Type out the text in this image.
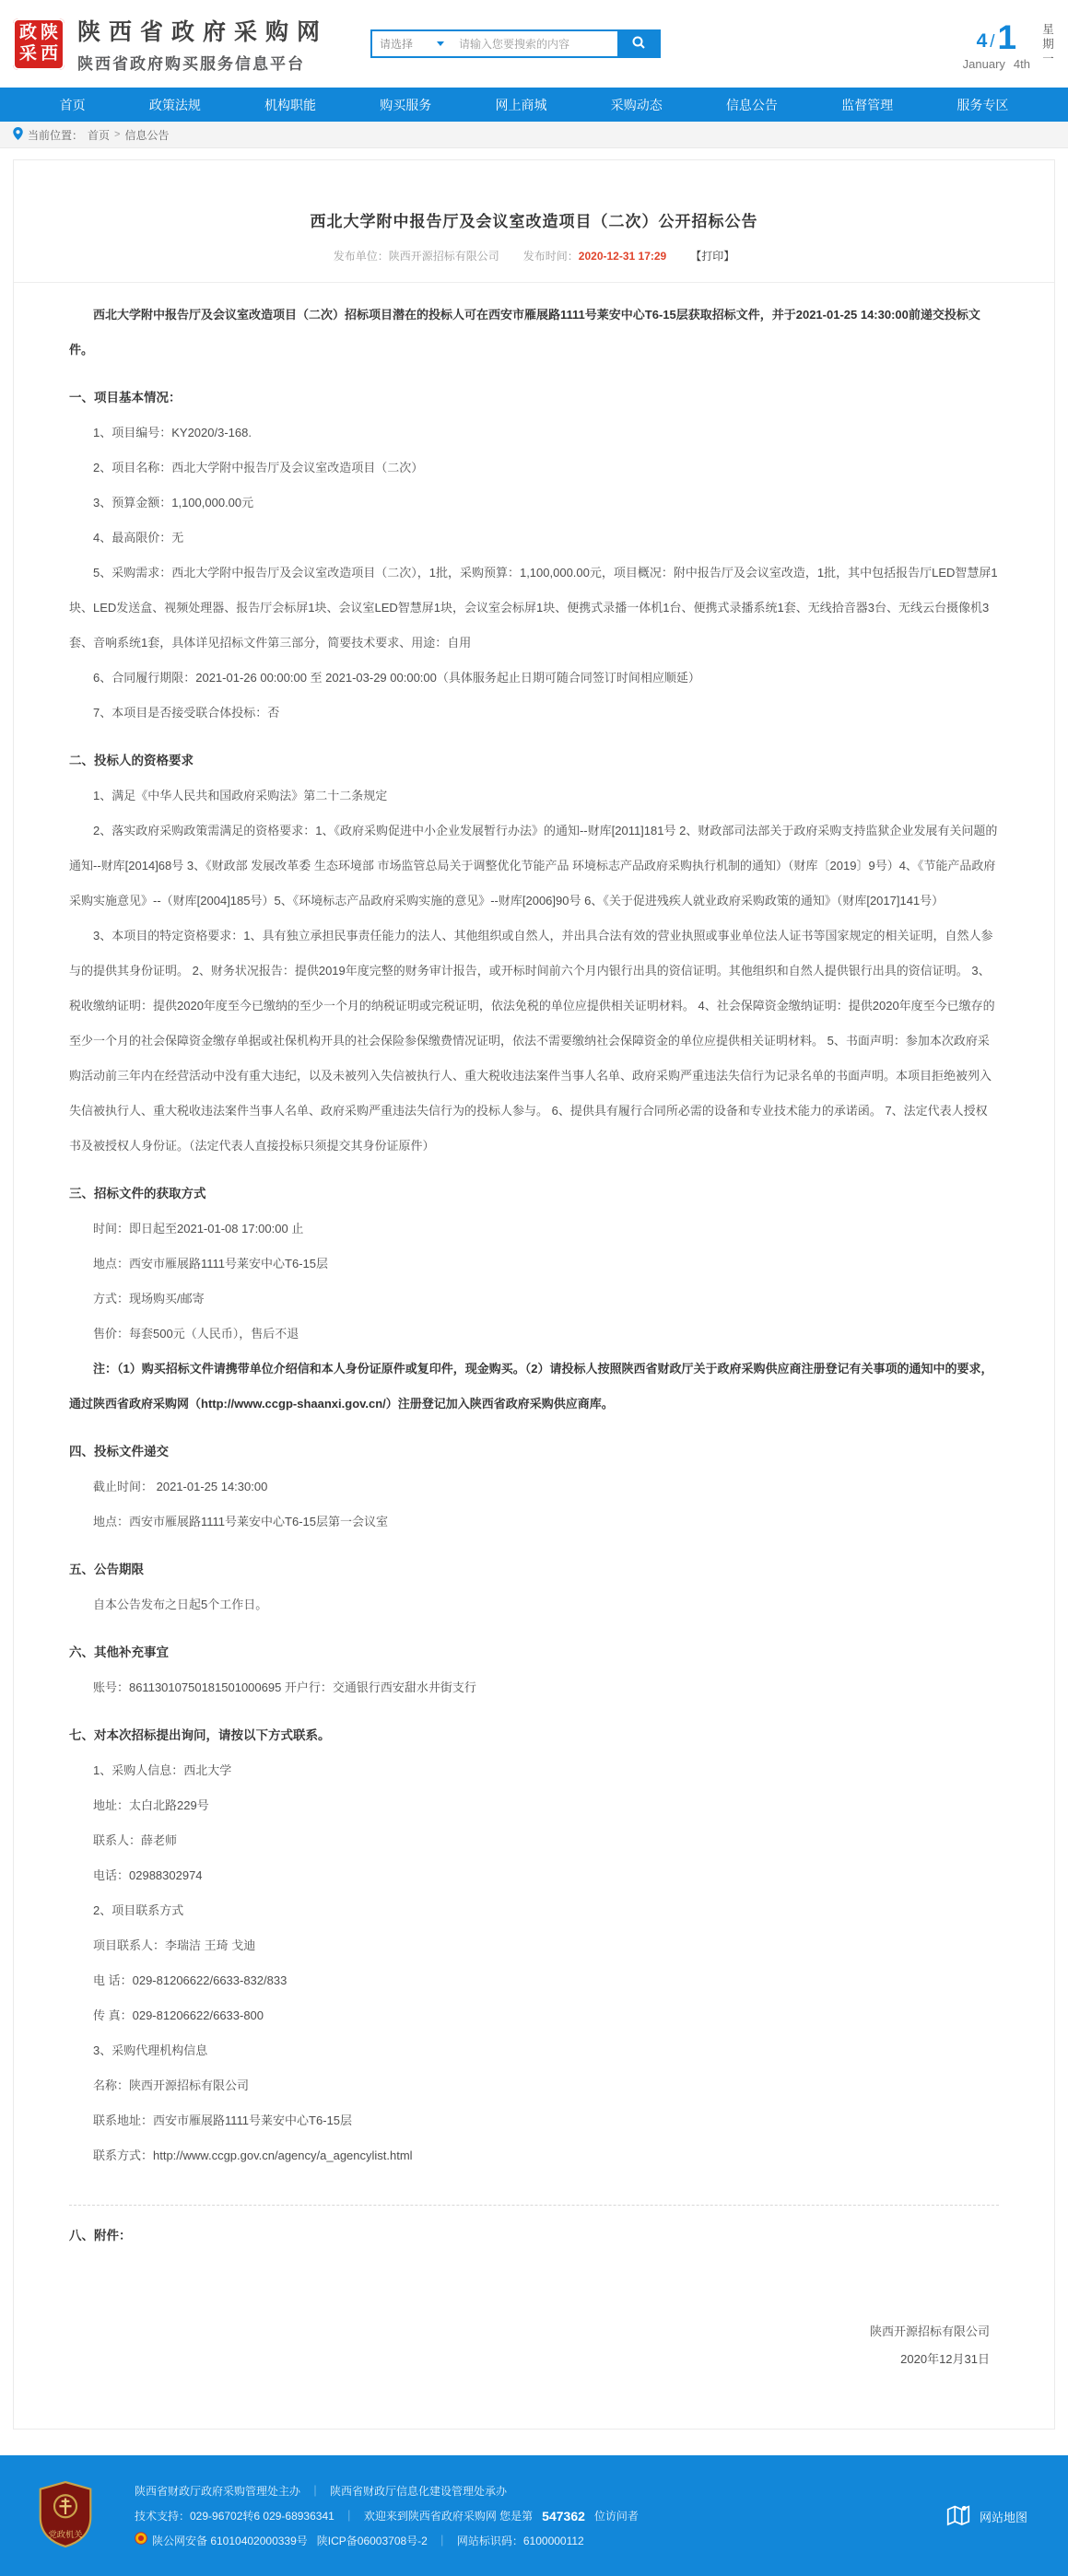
政 陕
采 西
陕西省政府采购网
陕西省政府购买服务信息平台
请选择
请输入您要搜索的内容	4 / 1
January 4th
星期一
首页	政策法规	机构职能	购买服务	网上商城	采购动态	信息公告	监督管理	服务专区
当前位置： 首页 > 信息公告
西北大学附中报告厅及会议室改造项目（二次）公开招标公告
发布单位：陕西开源招标有限公司 发布时间：2020-12-31 17:29 【打印】

西北大学附中报告厅及会议室改造项目（二次）招标项目潜在的投标人可在西安市雁展路1111号莱安中心T6-15层获取招标文件，并于2021-01-25 14:30:00前递交投标文件。

一、项目基本情况：

1、项目编号：KY2020/3-168.

2、项目名称：西北大学附中报告厅及会议室改造项目（二次）

3、预算金额：1,100,000.00元

4、最高限价：无

5、采购需求：西北大学附中报告厅及会议室改造项目（二次），1批，采购预算：1,100,000.00元，项目概况：附中报告厅及会议室改造，1批，其中包括报告厅LED智慧屏1块、LED发送盒、视频处理器、报告厅会标屏1块、会议室LED智慧屏1块，会议室会标屏1块、便携式录播一体机1台、便携式录播系统1套、无线拾音器3台、无线云台摄像机3套、音响系统1套，具体详见招标文件第三部分，简要技术要求、用途：自用

6、合同履行期限：2021-01-26 00:00:00 至 2021-03-29 00:00:00（具体服务起止日期可随合同签订时间相应顺延）

7、本项目是否接受联合体投标：否

二、投标人的资格要求

1、满足《中华人民共和国政府采购法》第二十二条规定

2、落实政府采购政策需满足的资格要求：1、《政府采购促进中小企业发展暂行办法》的通知--财库[2011]181号 2、财政部司法部关于政府采购支持监狱企业发展有关问题的通知--财库[2014]68号 3、《财政部 发展改革委 生态环境部 市场监管总局关于调整优化节能产品 环境标志产品政府采购执行机制的通知）（财库〔2019〕9号）4、《节能产品政府采购实施意见》--（财库[2004]185号）5、《环境标志产品政府采购实施的意见》--财库[2006]90号 6、《关于促进残疾人就业政府采购政策的通知》（财库[2017]141号）

3、本项目的特定资格要求：1、具有独立承担民事责任能力的法人、其他组织或自然人，并出具合法有效的营业执照或事业单位法人证书等国家规定的相关证明，自然人参与的提供其身份证明。 2、财务状况报告：提供2019年度完整的财务审计报告，或开标时间前六个月内银行出具的资信证明。其他组织和自然人提供银行出具的资信证明。 3、税收缴纳证明：提供2020年度至今已缴纳的至少一个月的纳税证明或完税证明，依法免税的单位应提供相关证明材料。 4、社会保障资金缴纳证明：提供2020年度至今已缴存的至少一个月的社会保障资金缴存单据或社保机构开具的社会保险参保缴费情况证明，依法不需要缴纳社会保障资金的单位应提供相关证明材料。 5、书面声明：参加本次政府采购活动前三年内在经营活动中没有重大违纪，以及未被列入失信被执行人、重大税收违法案件当事人名单、政府采购严重违法失信行为记录名单的书面声明。本项目拒绝被列入失信被执行人、重大税收违法案件当事人名单、政府采购严重违法失信行为的投标人参与。 6、提供具有履行合同所必需的设备和专业技术能力的承诺函。 7、法定代表人授权书及被授权人身份证。（法定代表人直接投标只须提交其身份证原件）

三、招标文件的获取方式

时间：即日起至2021-01-08 17:00:00 止

地点：西安市雁展路1111号莱安中心T6-15层

方式：现场购买/邮寄

售价：每套500元（人民币），售后不退

注：（1）购买招标文件请携带单位介绍信和本人身份证原件或复印件，现金购买。（2）请投标人按照陕西省财政厅关于政府采购供应商注册登记有关事项的通知中的要求，通过陕西省政府采购网（http://www.ccgp-shaanxi.gov.cn/）注册登记加入陕西省政府采购供应商库。

四、投标文件递交

截止时间： 2021-01-25 14:30:00

地点：西安市雁展路1111号莱安中心T6-15层第一会议室

五、公告期限

自本公告发布之日起5个工作日。

六、其他补充事宜

账号：86113010750181501000695 开户行：交通银行西安甜水井街支行

七、对本次招标提出询问，请按以下方式联系。

1、采购人信息：西北大学

地址：太白北路229号

联系人：薛老师

电话：02988302974

2、项目联系方式

项目联系人：李瑞洁 王琦 戈迪

电 话：029-81206622/6633-832/833

传 真：029-81206622/6633-800

3、采购代理机构信息

名称：陕西开源招标有限公司

联系地址：西安市雁展路1111号莱安中心T6-15层

联系方式：http://www.ccgp.gov.cn/agency/a_agencylist.html

八、附件：
陕西开源招标有限公司
2020年12月31日
党政机关
陕西省财政厅政府采购管理处主办 ｜ 陕西省财政厅信息化建设管理处承办
技术支持：029-96702转6 029-68936341 ｜ 欢迎来到陕西省政府采购网 您是第 547362 位访问者
陕公网安备 61010402000339号 陕ICP备06003708号-2 ｜ 网站标识码：6100000112
网站地图
